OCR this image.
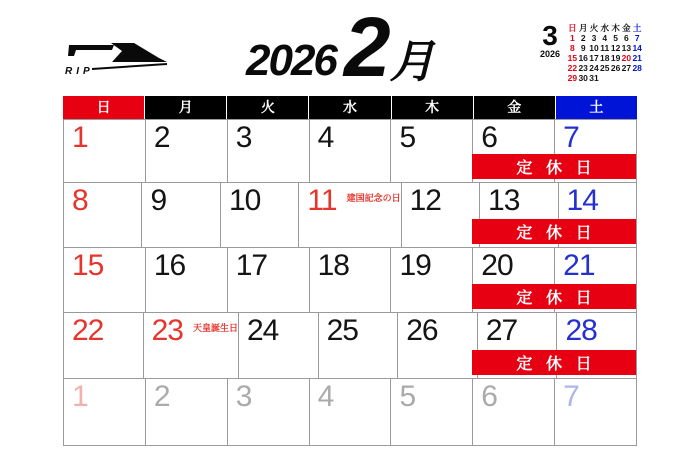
RIP	2026 2 月
3
2026
日 月 火 水 木 金 土
1 2 3 4 5 6 7
8 9 10 11 12 13 14
15 16 17 18 19 20 21
22 23 24 25 26 27 28
29 30 31
日	月	火	水	木	金	土
1 2 3 4 5 6 7
定休日
8 9 10 11 建国記念の日 12 13 14
定休日
15 16 17 18 19 20 21
定休日
22 23 天皇誕生日 24 25 26 27 28
定休日
1 2 3 4 5 6 7
